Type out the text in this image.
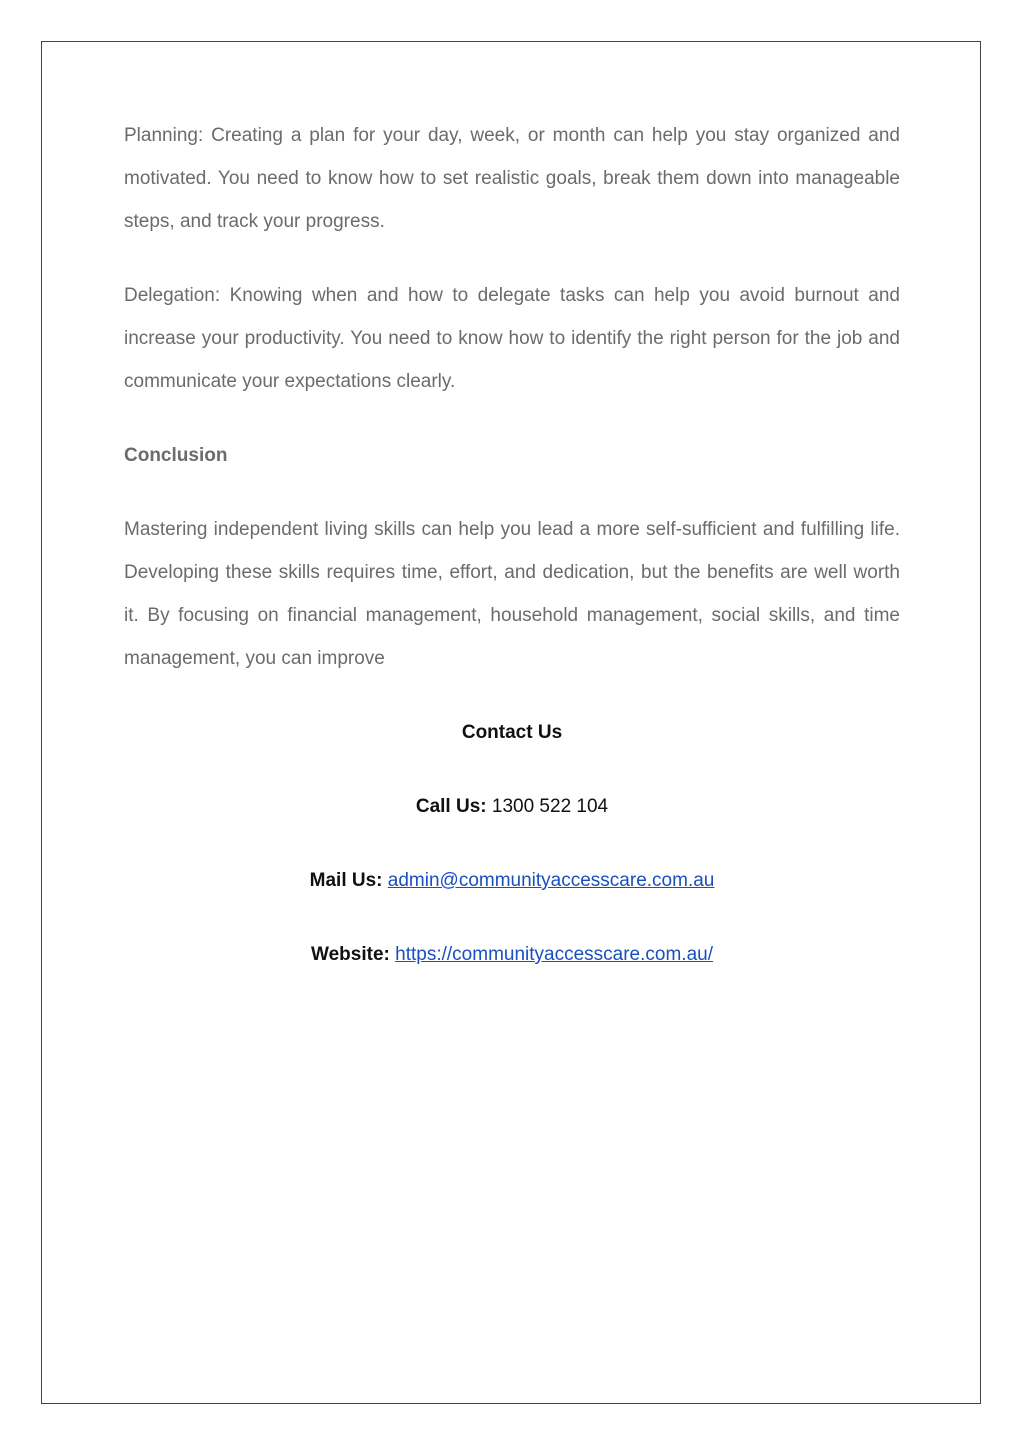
Planning: Creating a plan for your day, week, or month can help you stay organized and motivated. You need to know how to set realistic goals, break them down into manageable steps, and track your progress.

Delegation: Knowing when and how to delegate tasks can help you avoid burnout and increase your productivity. You need to know how to identify the right person for the job and communicate your expectations clearly.

Conclusion

Mastering independent living skills can help you lead a more self-sufficient and fulfilling life. Developing these skills requires time, effort, and dedication, but the benefits are well worth it. By focusing on financial management, household management, social skills, and time management, you can improve

Contact Us

Call Us: 1300 522 104

Mail Us: admin@communityaccesscare.com.au

Website: https://communityaccesscare.com.au/
